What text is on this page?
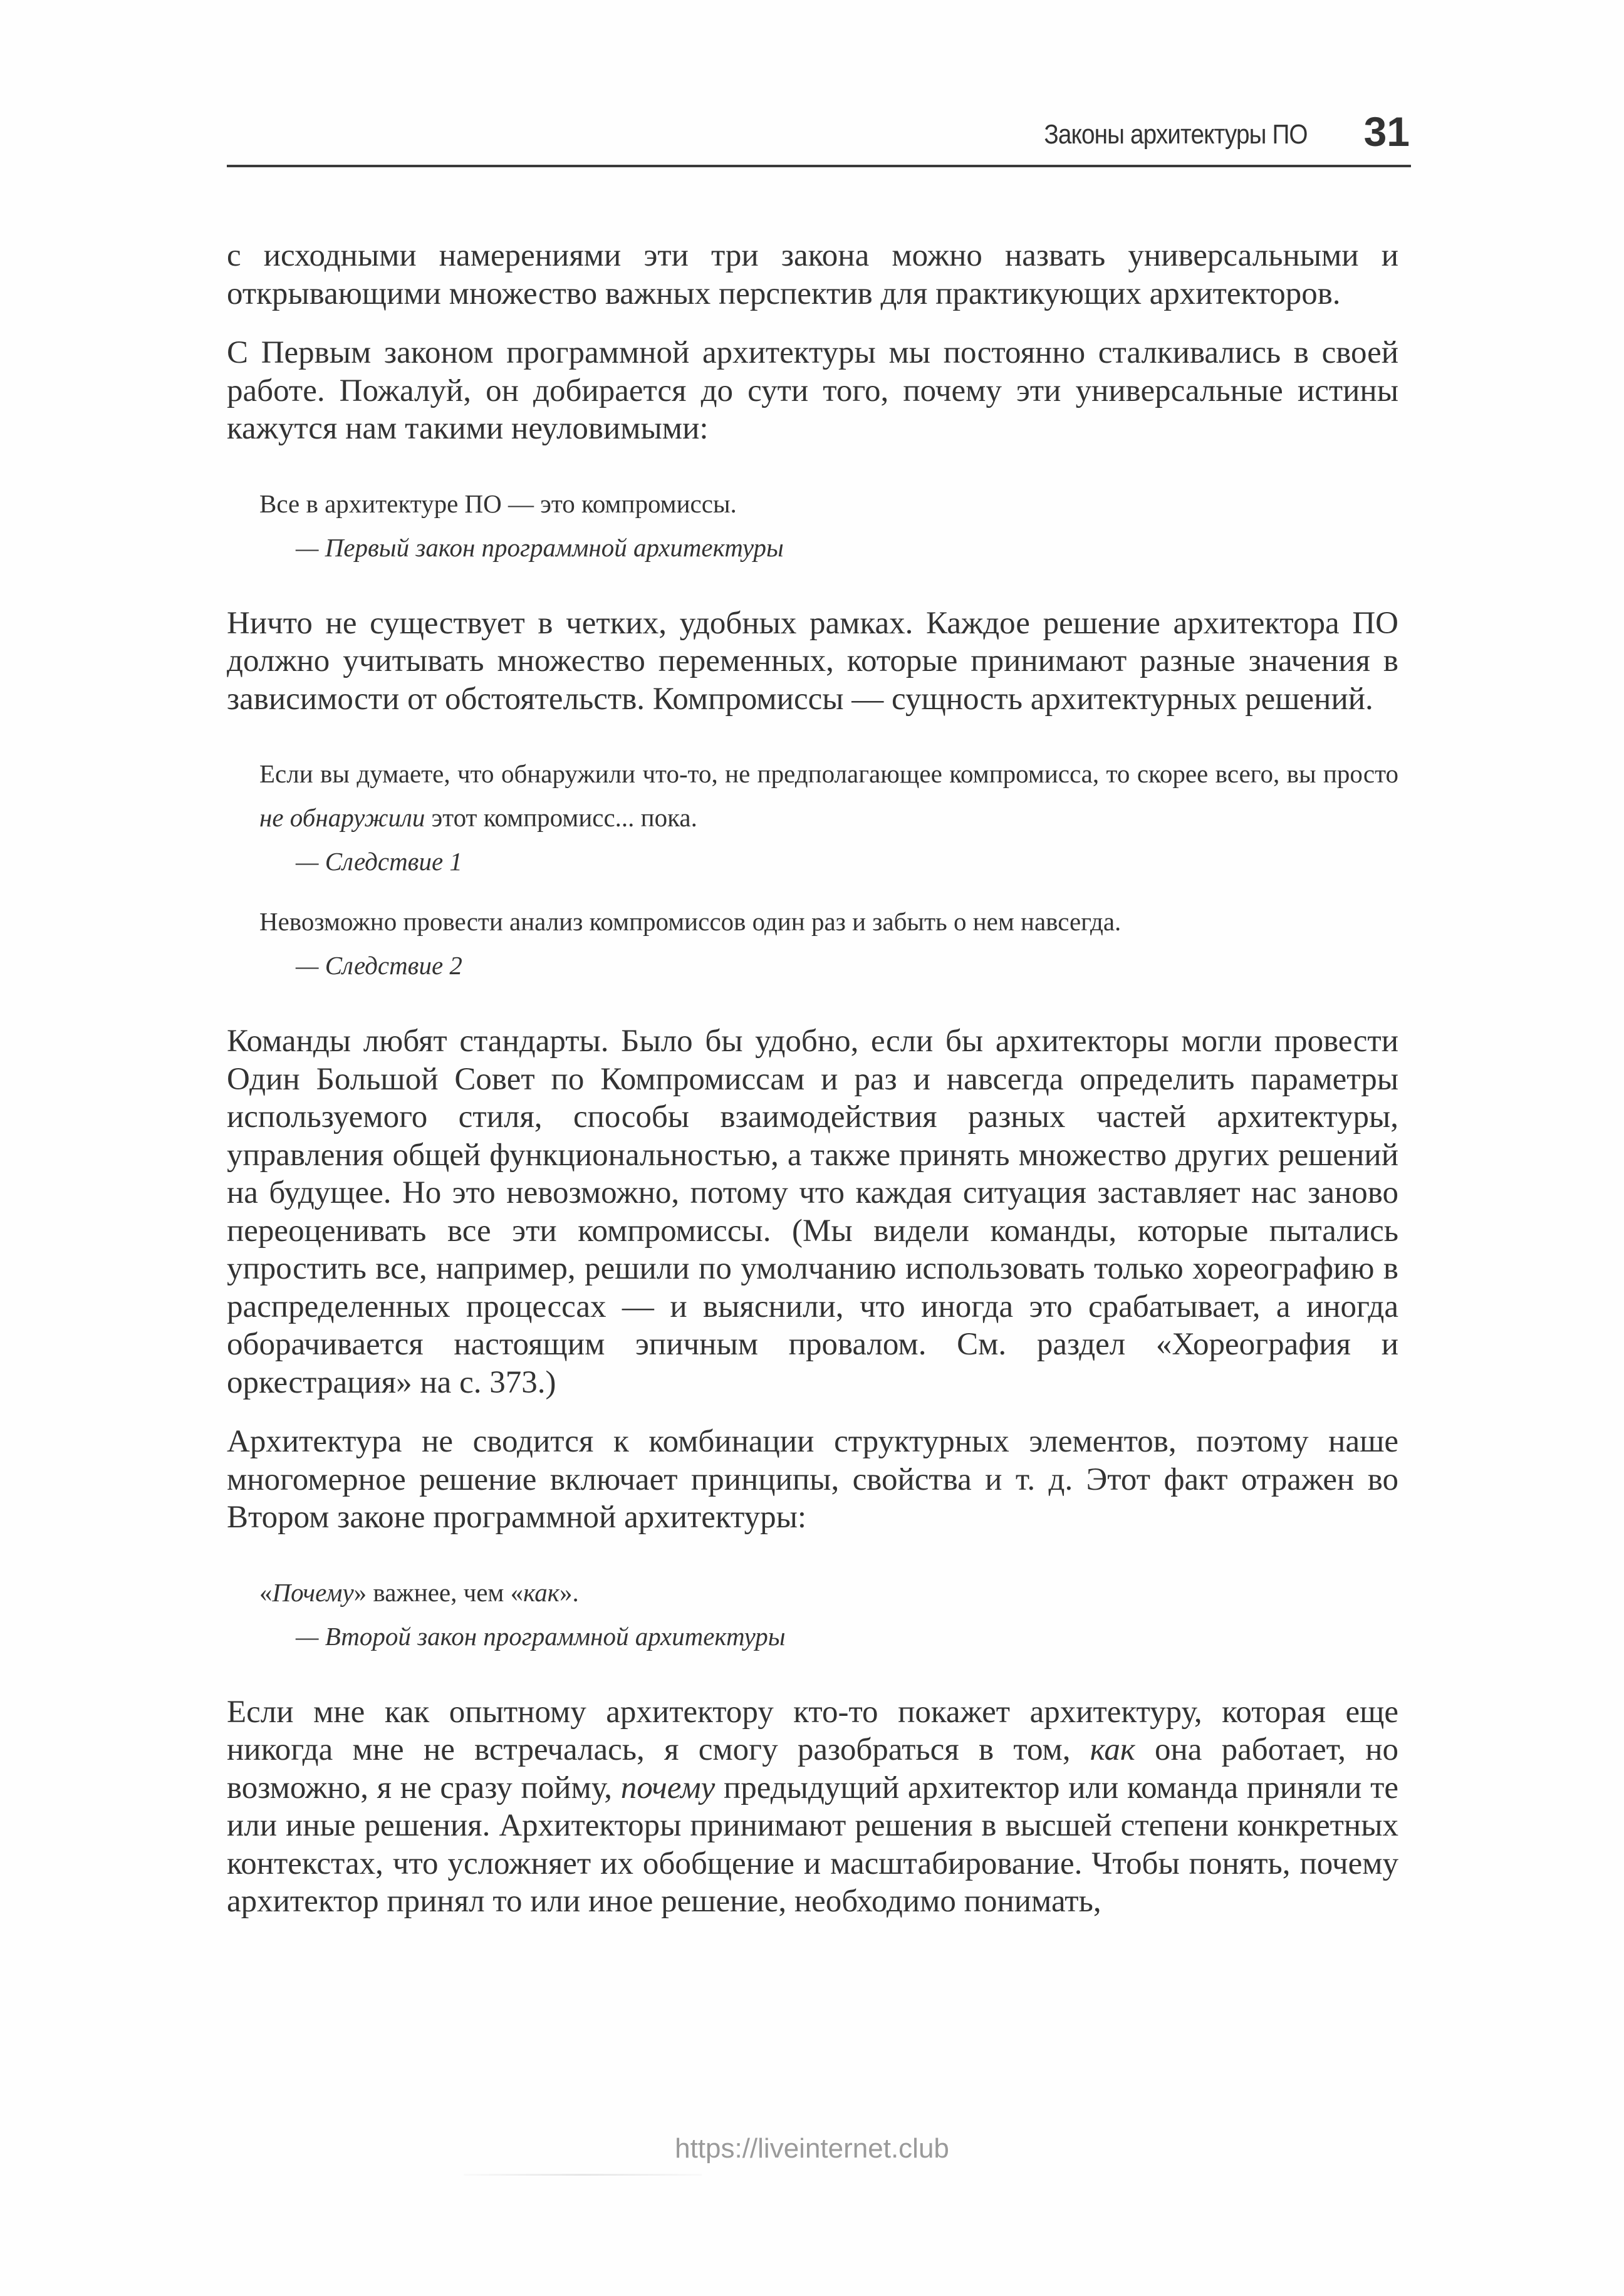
Законы архитектуры ПО 31

с исходными намерениями эти три закона можно назвать универсальными и открывающими множество важных перспектив для практикующих архитекторов.

С Первым законом программной архитектуры мы постоянно сталкивались в своей работе. Пожалуй, он добирается до сути того, почему эти универсальные истины кажутся нам такими неуловимыми:

Все в архитектуре ПО — это компромиссы.

— Первый закон программной архитектуры

Ничто не существует в четких, удобных рамках. Каждое решение архитектора ПО должно учитывать множество переменных, которые принимают разные значения в зависимости от обстоятельств. Компромиссы — сущность архитектурных решений.

Если вы думаете, что обнаружили что-то, не предполагающее компромисса, то скорее всего, вы просто не обнаружили этот компромисс... пока.

— Следствие 1

Невозможно провести анализ компромиссов один раз и забыть о нем навсегда.

— Следствие 2

Команды любят стандарты. Было бы удобно, если бы архитекторы могли провести Один Большой Совет по Компромиссам и раз и навсегда определить параметры используемого стиля, способы взаимодействия разных частей архитектуры, управления общей функциональностью, а также принять множество других решений на будущее. Но это невозможно, потому что каждая ситуация заставляет нас заново переоценивать все эти компромиссы. (Мы видели команды, которые пытались упростить все, например, решили по умолчанию использовать только хореографию в распределенных процессах — и выяснили, что иногда это срабатывает, а иногда оборачивается настоящим эпичным провалом. См. раздел «Хореография и оркестрация» на с. 373.)

Архитектура не сводится к комбинации структурных элементов, поэтому наше многомерное решение включает принципы, свойства и т. д. Этот факт отражен во Втором законе программной архитектуры:

«Почему» важнее, чем «как».

— Второй закон программной архитектуры

Если мне как опытному архитектору кто-то покажет архитектуру, которая еще никогда мне не встречалась, я смогу разобраться в том, как она работает, но возможно, я не сразу пойму, почему предыдущий архитектор или команда приняли те или иные решения. Архитекторы принимают решения в высшей степени конкретных контекстах, что усложняет их обобщение и масштабирование. Чтобы понять, почему архитектор принял то или иное решение, необходимо понимать,

https://liveinternet.club
